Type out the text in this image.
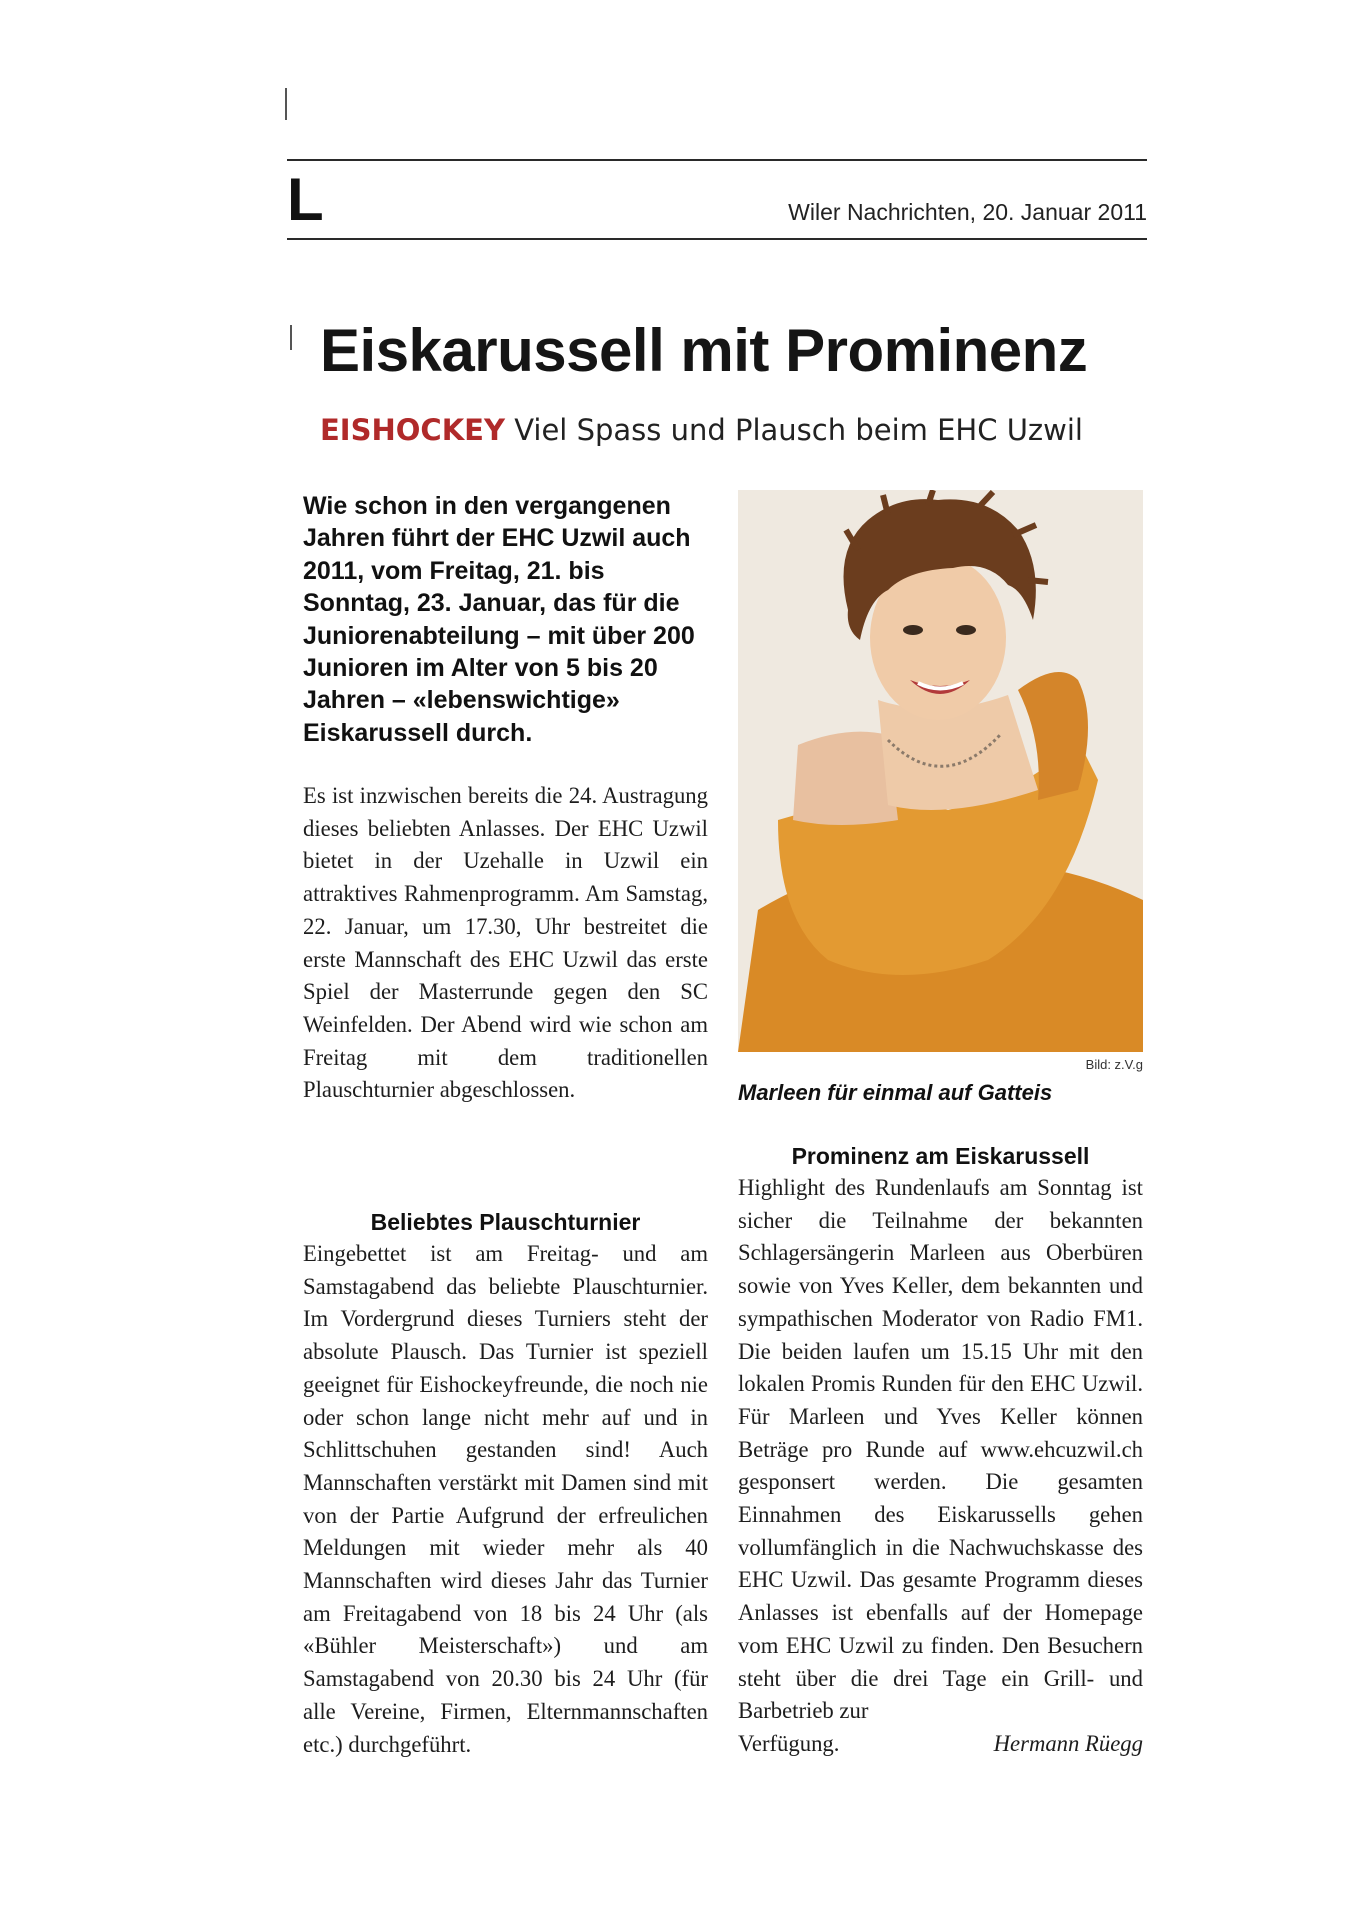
L	Wiler Nachrichten, 20. Januar 2011

Eiskarussell mit Prominenz

EISHOCKEY Viel Spass und Plausch beim EHC Uzwil

Wie schon in den vergangenen Jahren führt der EHC Uzwil auch 2011, vom Freitag, 21. bis Sonntag, 23. Januar, das für die Juniorenabteilung – mit über 200 Junioren im Alter von 5 bis 20 Jahren – «lebenswichtige» Eiskarussell durch.

Es ist inzwischen bereits die 24. Austragung dieses beliebten Anlasses. Der EHC Uzwil bietet in der Uzehalle in Uzwil ein attraktives Rahmenprogramm. Am Samstag, 22. Januar, um 17.30, Uhr bestreitet die erste Mannschaft des EHC Uzwil das erste Spiel der Masterrunde gegen den SC Weinfelden. Der Abend wird wie schon am Freitag mit dem traditionellen Plauschturnier abgeschlossen.

Beliebtes Plauschturnier

Eingebettet ist am Freitag- und am Samstagabend das beliebte Plauschturnier. Im Vordergrund dieses Turniers steht der absolute Plausch. Das Turnier ist speziell geeignet für Eishockeyfreunde, die noch nie oder schon lange nicht mehr auf und in Schlittschuhen gestanden sind! Auch Mannschaften verstärkt mit Damen sind mit von der Partie Aufgrund der erfreulichen Meldungen mit wieder mehr als 40 Mannschaften wird dieses Jahr das Turnier am Freitagabend von 18 bis 24 Uhr (als «Bühler Meisterschaft») und am Samstagabend von 20.30 bis 24 Uhr (für alle Vereine, Firmen, Elternmannschaften etc.) durchgeführt.

Bild: z.V.g

Marleen für einmal auf Gatteis

Prominenz am Eiskarussell
Highlight des Rundenlaufs am Sonntag ist sicher die Teilnahme der bekannten Schlagersängerin Marleen aus Oberbüren sowie von Yves Keller, dem bekannten und sympathischen Moderator von Radio FM1. Die beiden laufen um 15.15 Uhr mit den lokalen Promis Runden für den EHC Uzwil. Für Marleen und Yves Keller können Beträge pro Runde auf www.ehcuzwil.ch gesponsert werden. Die gesamten Einnahmen des Eiskarussells gehen vollumfänglich in die Nachwuchskasse des EHC Uzwil. Das gesamte Programm dieses Anlasses ist ebenfalls auf der Homepage vom EHC Uzwil zu finden. Den Besuchern steht über die drei Tage ein Grill- und Barbetrieb zur
Verfügung.	Hermann Rüegg
